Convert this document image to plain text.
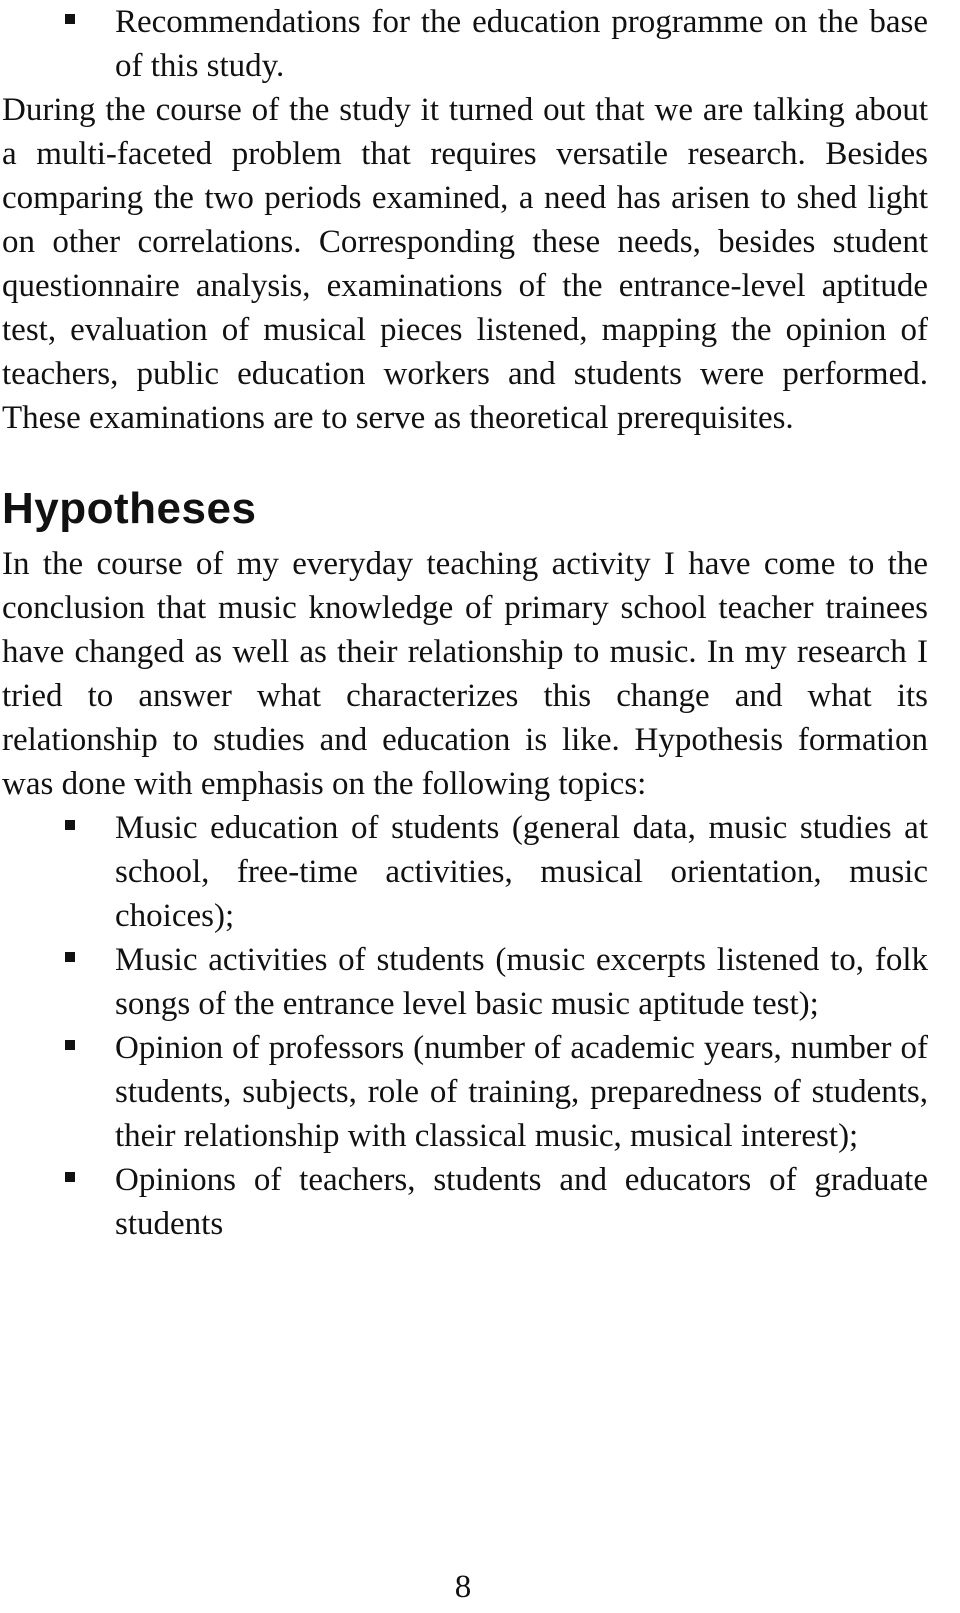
Recommendations for the education programme on the base of this study.

During the course of the study it turned out that we are talking about a multi-faceted problem that requires versatile research. Besides comparing the two periods examined, a need has arisen to shed light on other correlations. Corresponding these needs, besides student questionnaire analysis, examinations of the entrance-level aptitude test, evaluation of musical pieces listened, mapping the opinion of teachers, public education workers and students were performed. These examinations are to serve as theoretical prerequisites.

Hypotheses

In the course of my everyday teaching activity I have come to the conclusion that music knowledge of primary school teacher trainees have changed as well as their relationship to music. In my research I tried to answer what characterizes this change and what its relationship to studies and education is like. Hypothesis formation was done with emphasis on the following topics:

Music education of students (general data, music studies at school, free-time activities, musical orientation, music choices);
Music activities of students (music excerpts listened to, folk songs of the entrance level basic music aptitude test);
Opinion of professors (number of academic years, number of students, subjects, role of training, preparedness of students, their relationship with classical music, musical interest);
Opinions of teachers, students and educators of graduate students
8
